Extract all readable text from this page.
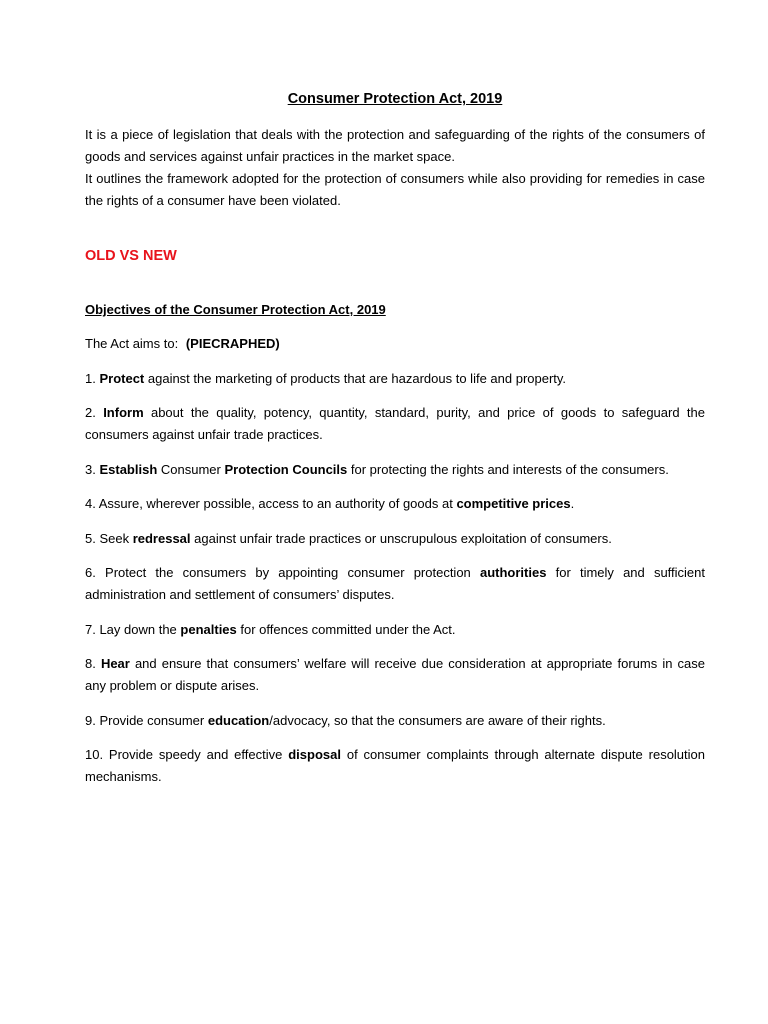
Consumer Protection Act, 2019

It is a piece of legislation that deals with the protection and safeguarding of the rights of the consumers of goods and services against unfair practices in the market space.

It outlines the framework adopted for the protection of consumers while also providing for remedies in case the rights of a consumer have been violated.

OLD VS NEW
Objectives of the Consumer Protection Act, 2019
The Act aims to: (PIECRAPHED)

1. Protect against the marketing of products that are hazardous to life and property.

2. Inform about the quality, potency, quantity, standard, purity, and price of goods to safeguard the consumers against unfair trade practices.

3. Establish Consumer Protection Councils for protecting the rights and interests of the consumers.

4. Assure, wherever possible, access to an authority of goods at competitive prices.

5. Seek redressal against unfair trade practices or unscrupulous exploitation of consumers.

6. Protect the consumers by appointing consumer protection authorities for timely and sufficient administration and settlement of consumers’ disputes.

7. Lay down the penalties for offences committed under the Act.

8. Hear and ensure that consumers’ welfare will receive due consideration at appropriate forums in case any problem or dispute arises.

9. Provide consumer education/advocacy, so that the consumers are aware of their rights.

10. Provide speedy and effective disposal of consumer complaints through alternate dispute resolution mechanisms.
